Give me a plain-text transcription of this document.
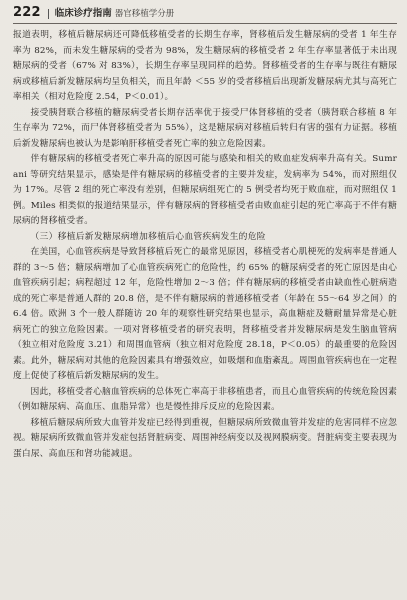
222 临床诊疗指南 器官移植学分册

报道表明，移植后糖尿病还可降低移植受者的长期生存率，肾移植后发生糖尿病的受者 1 年生存率为 82%，而未发生糖尿病的受者为 98%，发生糖尿病的移植受者 2 年生存率显著低于未出现糖尿病的受者（67% 对 83%），长期生存率呈现同样的趋势。肾移植受者的生存率与既往有糖尿病或移植后新发糖尿病均呈负相关，而且年龄 ＜55 岁的受者移植后出现新发糖尿病尤其与高死亡率相关（相对危险度 2.54，P＜0.01）。

接受胰肾联合移植的糖尿病受者长期存活率优于接受尸体肾移植的受者（胰肾联合移植 8 年生存率为 72%，而尸体肾移植受者为 55%），这是糖尿病对移植后转归有害的强有力证据。移植后新发糖尿病也被认为是影响肝移植受者死亡率的独立危险因素。

伴有糖尿病的移植受者死亡率升高的原因可能与感染和相关的败血症发病率升高有关。Sumrani 等研究结果显示，感染是伴有糖尿病的移植受者的主要并发症，发病率为 54%，而对照组仅为 17%。尽管 2 组的死亡率没有差别，但糖尿病组死亡的 5 例受者均死于败血症，而对照组仅 1 例。Miles 相类似的报道结果显示，伴有糖尿病的肾移植受者由败血症引起的死亡率高于不伴有糖尿病的肾移植受者。

（三）移植后新发糖尿病增加移植后心血管疾病发生的危险

在美国，心血管疾病是导致肾移植后死亡的最常见原因，移植受者心肌梗死的发病率是普通人群的 3～5 倍；糖尿病增加了心血管疾病死亡的危险性，约 65% 的糖尿病受者的死亡原因是由心血管疾病引起；病程超过 12 年，危险性增加 2～3 倍；伴有糖尿病的移植受者由缺血性心脏病造成的死亡率是普通人群的 20.8 倍，是不伴有糖尿病的普通移植受者（年龄在 55～64 岁之间）的 6.4 倍。欧洲 3 个一般人群随访 20 年的观察性研究结果也显示，高血糖症及糖耐量异常是心脏病死亡的独立危险因素。一项对肾移植受者的研究表明，肾移植受者并发糖尿病是发生脑血管病（独立相对危险度 3.21）和周围血管病（独立相对危险度 28.18，P＜0.05）的最重要的危险因素。此外，糖尿病对其他的危险因素具有增强效应，如吸烟和血脂紊乱。周围血管疾病也在一定程度上促使了移植后新发糖尿病的发生。

因此，移植受者心脑血管疾病的总体死亡率高于非移植患者，而且心血管疾病的传统危险因素（例如糖尿病、高血压、血脂异常）也是慢性排斥反应的危险因素。

移植后糖尿病所致大血管并发症已经得到重视，但糖尿病所致微血管并发症的危害同样不应忽视。糖尿病所致微血管并发症包括肾脏病变、周围神经病变以及视网膜病变。肾脏病变主要表现为蛋白尿、高血压和肾功能减退。
